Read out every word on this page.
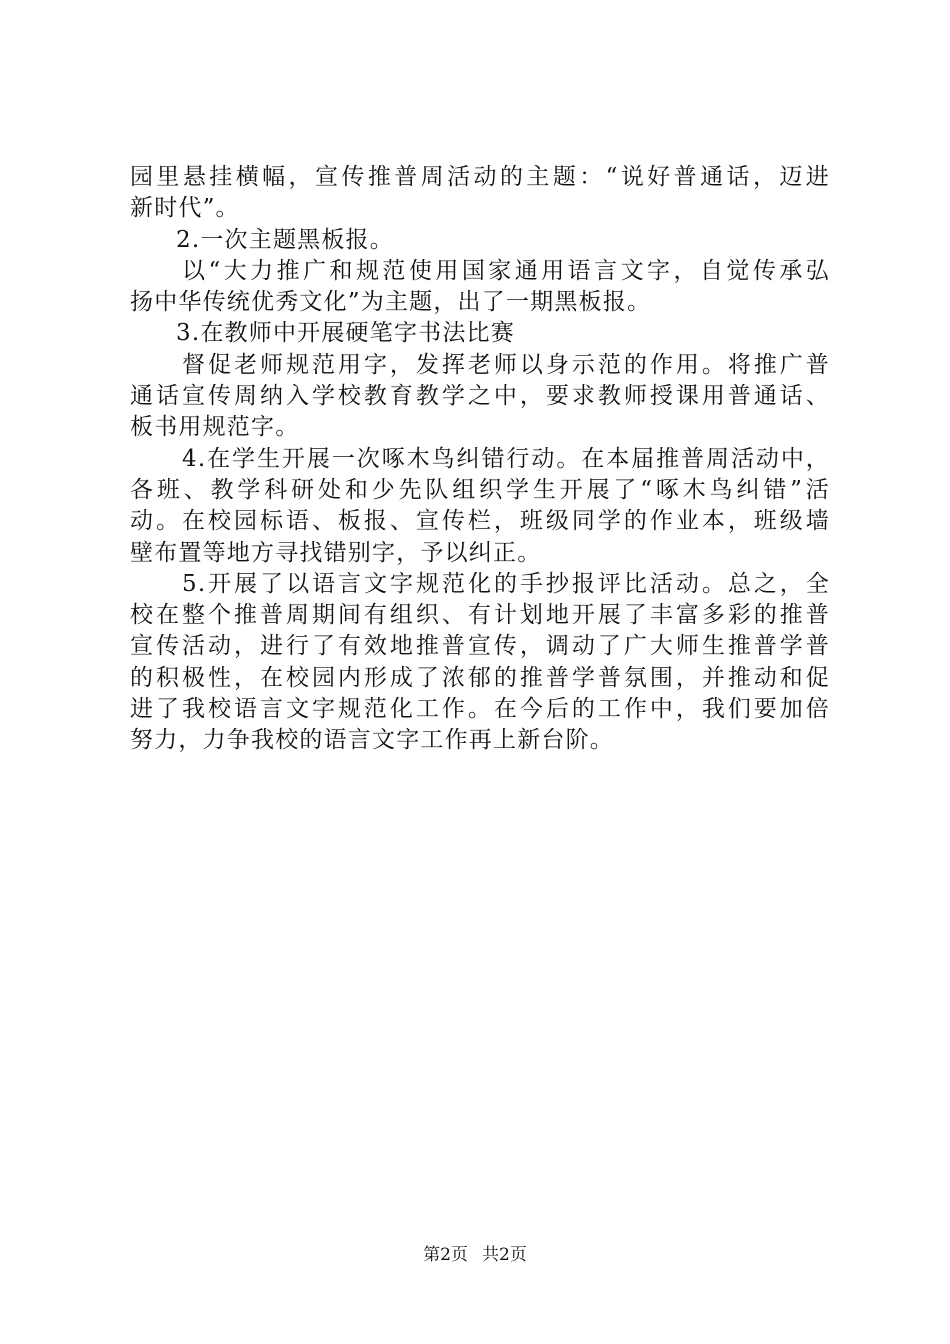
园里悬挂横幅，宣传推普周活动的主题：“说好普通话，迈进
新时代”。
2.一次主题黑板报。
以“大力推广和规范使用国家通用语言文字，自觉传承弘
扬中华传统优秀文化”为主题，出了一期黑板报。
3.在教师中开展硬笔字书法比赛
督促老师规范用字，发挥老师以身示范的作用。将推广普
通话宣传周纳入学校教育教学之中，要求教师授课用普通话、
板书用规范字。
4.在学生开展一次啄木鸟纠错行动。在本届推普周活动中，
各班、教学科研处和少先队组织学生开展了“啄木鸟纠错”活
动。在校园标语、板报、宣传栏，班级同学的作业本，班级墙
壁布置等地方寻找错别字，予以纠正。
5.开展了以语言文字规范化的手抄报评比活动。总之，全
校在整个推普周期间有组织、有计划地开展了丰富多彩的推普
宣传活动，进行了有效地推普宣传，调动了广大师生推普学普
的积极性，在校园内形成了浓郁的推普学普氛围，并推动和促
进了我校语言文字规范化工作。在今后的工作中，我们要加倍
努力，力争我校的语言文字工作再上新台阶。
第2页 共2页
